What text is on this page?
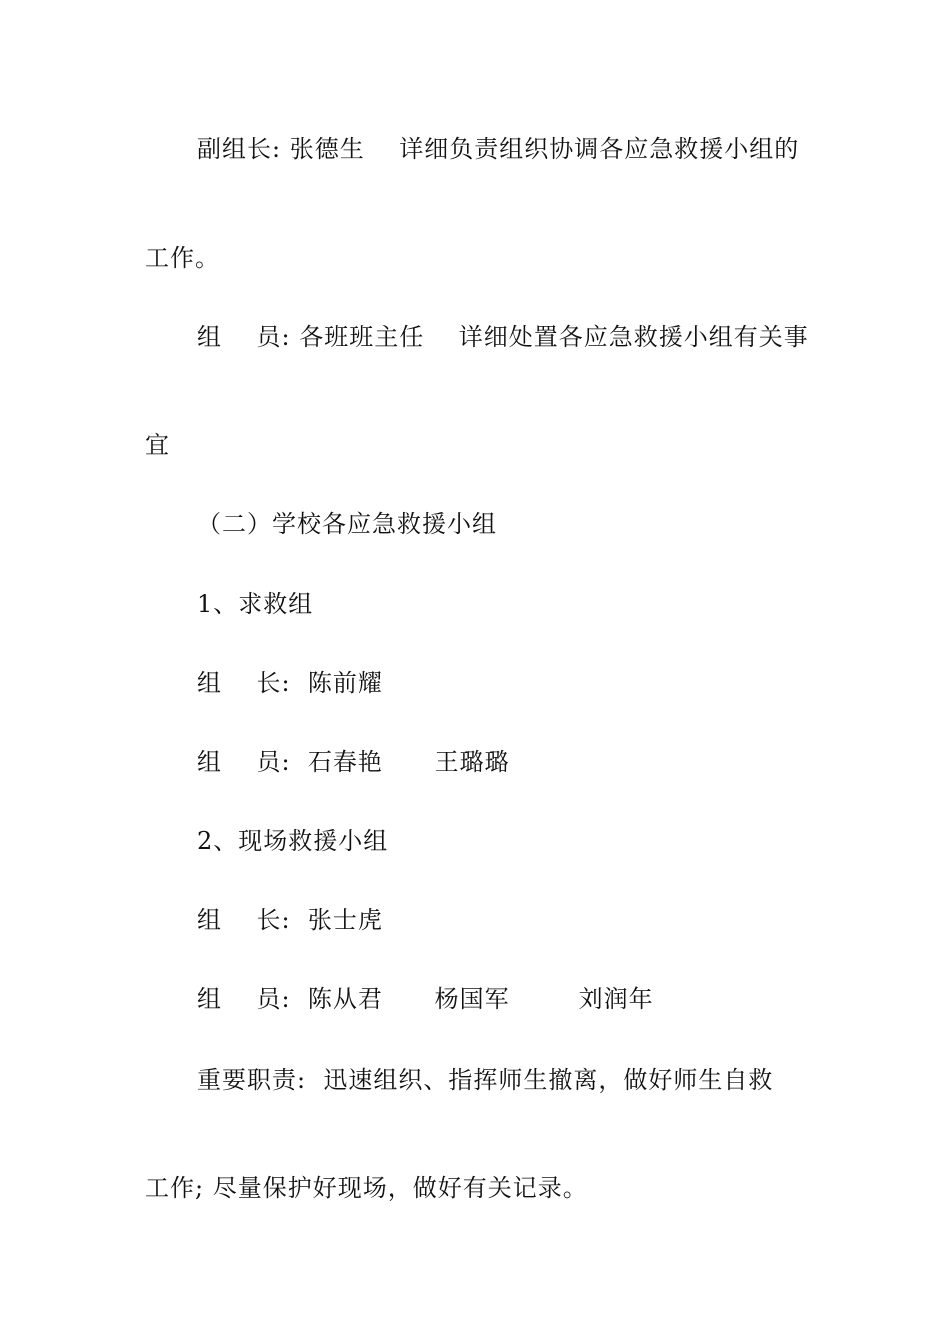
副组长: 张德生    详细负责组织协调各应急救援小组的
工作。
组    员: 各班班主任    详细处置各应急救援小组有关事
宜
（二）学校各应急救援小组
1、求救组
组    长:  陈前耀
组    员:  石春艳      王璐璐
2、现场救援小组
组    长:  张士虎
组    员:  陈从君      杨国军        刘润年
重要职责:  迅速组织、指挥师生撤离，做好师生自救
工作; 尽量保护好现场，做好有关记录。
